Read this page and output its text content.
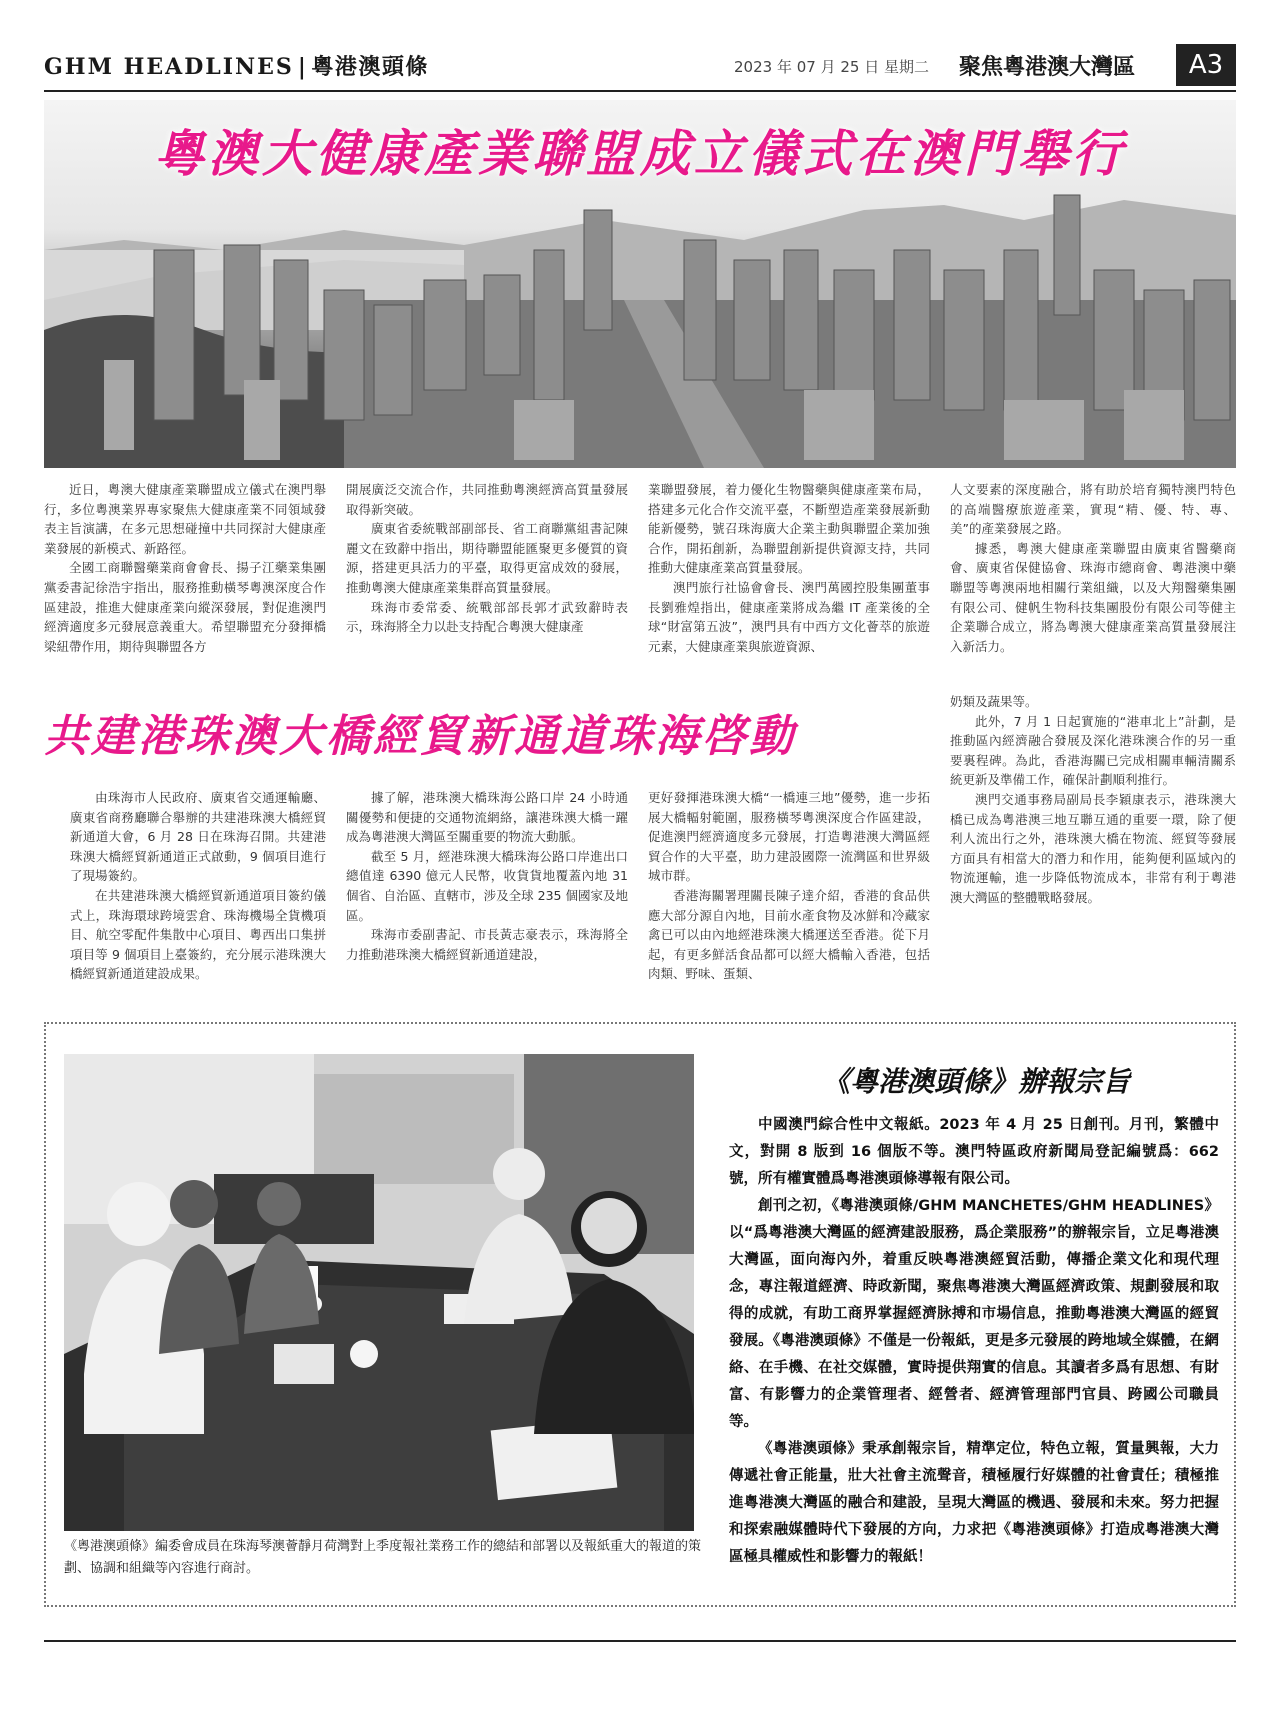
GHM HEADLINES | 粵港澳頭條	2023 年 07 月 25 日 星期二 聚焦粵港澳大灣區	A3
粵澳大健康產業聯盟成立儀式在澳門舉行

近日，粵澳大健康產業聯盟成立儀式在澳門舉行，多位粵澳業界專家聚焦大健康產業不同領域發表主旨演講，在多元思想碰撞中共同探討大健康產業發展的新模式、新路徑。

全國工商聯醫藥業商會會長、揚子江藥業集團黨委書記徐浩宇指出，服務推動橫琴粵澳深度合作區建設，推進大健康產業向縱深發展，對促進澳門經濟適度多元發展意義重大。希望聯盟充分發揮橋梁紐帶作用，期待與聯盟各方

開展廣泛交流合作，共同推動粵澳經濟高質量發展取得新突破。

廣東省委統戰部副部長、省工商聯黨組書記陳麗文在致辭中指出，期待聯盟能匯聚更多優質的資源，搭建更具活力的平臺，取得更富成效的發展，推動粵澳大健康產業集群高質量發展。

珠海市委常委、統戰部部長郭才武致辭時表示，珠海將全力以赴支持配合粵澳大健康產

業聯盟發展，着力優化生物醫藥與健康產業布局，搭建多元化合作交流平臺，不斷塑造產業發展新動能新優勢，號召珠海廣大企業主動與聯盟企業加強合作，開拓創新，為聯盟創新提供資源支持，共同推動大健康產業高質量發展。

澳門旅行社協會會長、澳門萬國控股集團董事長劉雅煌指出，健康產業將成為繼 IT 產業後的全球“財富第五波”，澳門具有中西方文化薈萃的旅遊元素，大健康產業與旅遊資源、

人文要素的深度融合，將有助於培育獨特澳門特色的高端醫療旅遊產業，實現“精、優、特、專、美”的產業發展之路。

據悉，粵澳大健康產業聯盟由廣東省醫藥商會、廣東省保健協會、珠海市總商會、粵港澳中藥聯盟等粵澳兩地相關行業組織，以及大翔醫藥集團有限公司、健帆生物科技集團股份有限公司等健主企業聯合成立，將為粵澳大健康產業高質量發展注入新活力。

共建港珠澳大橋經貿新通道珠海啓動

由珠海市人民政府、廣東省交通運輸廳、廣東省商務廳聯合舉辦的共建港珠澳大橋經貿新通道大會，6 月 28 日在珠海召開。共建港珠澳大橋經貿新通道正式啟動，9 個項目進行了現場簽約。

在共建港珠澳大橋經貿新通道項目簽約儀式上，珠海環球跨境雲倉、珠海機場全貨機項目、航空零配件集散中心項目、粵西出口集拼項目等 9 個項目上臺簽約，充分展示港珠澳大橋經貿新通道建設成果。

據了解，港珠澳大橋珠海公路口岸 24 小時通關優勢和便捷的交通物流網絡，讓港珠澳大橋一躍成為粵港澳大灣區至關重要的物流大動脈。

截至 5 月，經港珠澳大橋珠海公路口岸進出口總值達 6390 億元人民幣，收貨貨地覆蓋內地 31 個省、自治區、直轄市，涉及全球 235 個國家及地區。

珠海市委副書記、市長黃志豪表示，珠海將全力推動港珠澳大橋經貿新通道建設，

更好發揮港珠澳大橋“一橋連三地”優勢，進一步拓展大橋輻射範圍，服務橫琴粵澳深度合作區建設，促進澳門經濟適度多元發展，打造粵港澳大灣區經貿合作的大平臺，助力建設國際一流灣區和世界級城市群。

香港海關署理關長陳子達介紹，香港的食品供應大部分源自內地，目前水產食物及冰鮮和冷藏家禽已可以由內地經港珠澳大橋運送至香港。從下月起，有更多鮮活食品都可以經大橋輸入香港，包括肉類、野味、蛋類、

奶類及蔬果等。

此外，7 月 1 日起實施的“港車北上”計劃，是推動區內經濟融合發展及深化港珠澳合作的另一重要裏程碑。為此，香港海關已完成相關車輛清關系統更新及準備工作，確保計劃順利推行。

澳門交通事務局副局長李穎康表示，港珠澳大橋已成為粵港澳三地互聯互通的重要一環，除了便利人流出行之外，港珠澳大橋在物流、經貿等發展方面具有相當大的潛力和作用，能夠便利區域內的物流運輸，進一步降低物流成本，非常有利于粵港澳大灣區的整體戰略發展。

《粵港澳頭條》編委會成員在珠海琴澳薈靜月荷灣對上季度報社業務工作的總結和部署以及報紙重大的報道的策劃、協調和組織等內容進行商討。
《粵港澳頭條》辦報宗旨

中國澳門綜合性中文報紙。2023 年 4 月 25 日創刊。月刊，繁體中文，對開 8 版到 16 個版不等。澳門特區政府新聞局登記編號爲：662 號，所有權實體爲粵港澳頭條導報有限公司。

創刊之初，《粵港澳頭條/GHM MANCHETES/GHM HEADLINES》以“爲粵港澳大灣區的經濟建設服務，爲企業服務”的辦報宗旨，立足粵港澳大灣區，面向海內外，着重反映粵港澳經貿活動，傳播企業文化和現代理念，專注報道經濟、時政新聞，聚焦粵港澳大灣區經濟政策、規劃發展和取得的成就，有助工商界掌握經濟脉搏和市場信息，推動粵港澳大灣區的經貿發展。《粵港澳頭條》不僅是一份報紙，更是多元發展的跨地域全媒體，在網絡、在手機、在社交媒體，實時提供翔實的信息。其讀者多爲有思想、有財富、有影響力的企業管理者、經營者、經濟管理部門官員、跨國公司職員等。

《粵港澳頭條》秉承創報宗旨，精準定位，特色立報，質量興報，大力傳遞社會正能量，壯大社會主流聲音，積極履行好媒體的社會責任；積極推進粵港澳大灣區的融合和建設，呈現大灣區的機遇、發展和未來。努力把握和探索融媒體時代下發展的方向，力求把《粵港澳頭條》打造成粵港澳大灣區極具權威性和影響力的報紙！
